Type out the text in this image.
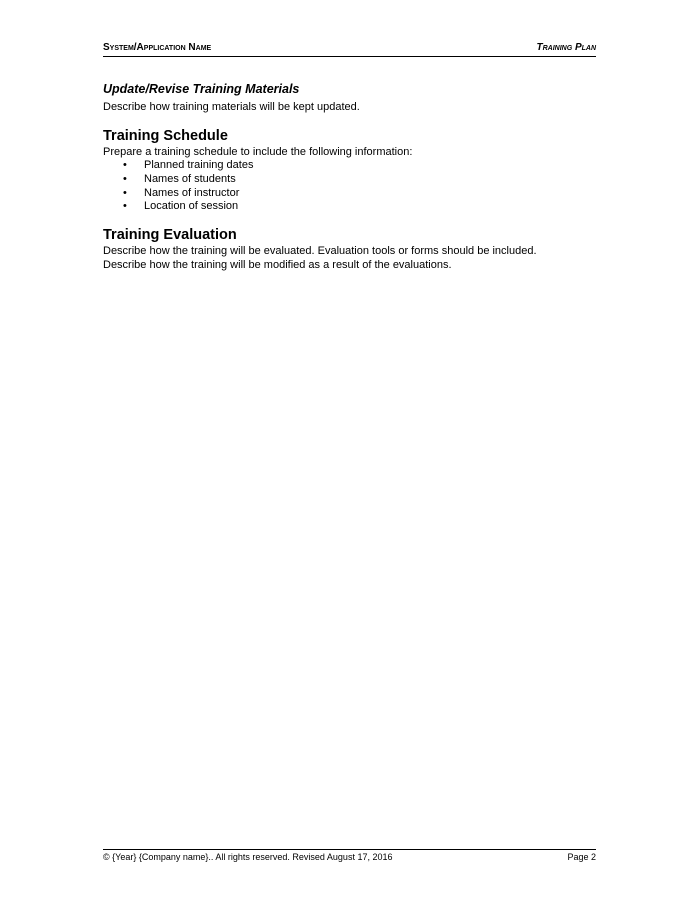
System/Application Name	Training Plan
Update/Revise Training Materials

Describe how training materials will be kept updated.

Training Schedule

Prepare a training schedule to include the following information:

• Planned training dates
• Names of students
• Names of instructor
• Location of session
Training Evaluation

Describe how the training will be evaluated. Evaluation tools or forms should be included.

Describe how the training will be modified as a result of the evaluations.

© {Year} {Company name}.. All rights reserved. Revised August 17, 2016	Page 2
